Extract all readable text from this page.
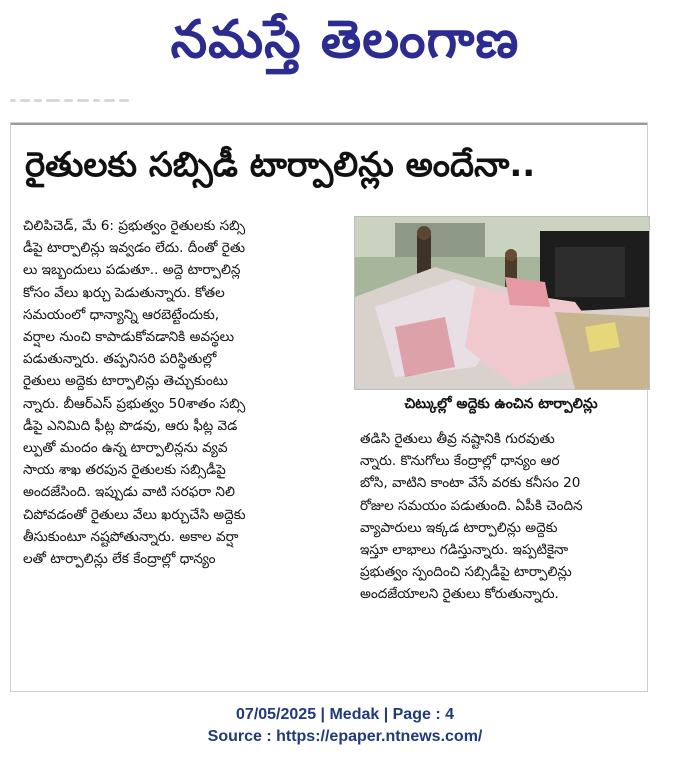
నమస్తే తెలంగాణ
రైతులకు సబ్సిడీ టార్పాలిన్లు అందేనా..

చిలిపిచెడ్, మే 6: ప్రభుత్వం రైతులకు సబ్సి
డీపై టార్పాలిన్లు ఇవ్వడం లేదు. దీంతో రైతు
లు ఇబ్బందులు పడుతూ.. అద్దె టార్పాలిన్ల
కోసం వేలు ఖర్చు పెడుతున్నారు. కోతల
సమయంలో ధాన్యాన్ని ఆరబెట్టేందుకు,
వర్షాల నుంచి కాపాడుకోవడానికి అవస్థలు
పడుతున్నారు. తప్పనిసరి పరిస్థితుల్లో
రైతులు అద్దెకు టార్పాలిన్లు తెచ్చుకుంటు
న్నారు. బీఆర్ఎస్ ప్రభుత్వం 50శాతం సబ్సి
డీపై ఎనిమిది ఫీట్ల పొడవు, ఆరు ఫీట్ల వెడ
ల్పుతో మందం ఉన్న టార్పాలిన్లను వ్యవ
సాయ శాఖ తరపున రైతులకు సబ్సిడీపై
అందజేసింది. ఇప్పుడు వాటి సరఫరా నిలి
చిపోవడంతో రైతులు వేలు ఖర్చుచేసి అద్దెకు
తీసుకుంటూ నష్టపోతున్నారు. అకాల వర్షా
లతో టార్పాలిన్లు లేక కేంద్రాల్లో ధాన్యం

చిట్కుల్లో అద్దెకు ఉంచిన టార్పాలిన్లు

తడిసి రైతులు తీవ్ర నష్టానికి గురవుతు
న్నారు. కొనుగోలు కేంద్రాల్లో ధాన్యం ఆర
బోసి, వాటిని కాంటా వేసే వరకు కనీసం 20
రోజుల సమయం పడుతుంది. ఏపీకి చెందిన
వ్యాపారులు ఇక్కడ టార్పాలిన్లు అద్దెకు
ఇస్తూ లాభాలు గడిస్తున్నారు. ఇప్పటికైనా
ప్రభుత్వం స్పందించి సబ్సిడీపై టార్పాలిన్లు
అందజేయాలని రైతులు కోరుతున్నారు.

07/05/2025 | Medak | Page : 4
Source : https://epaper.ntnews.com/
